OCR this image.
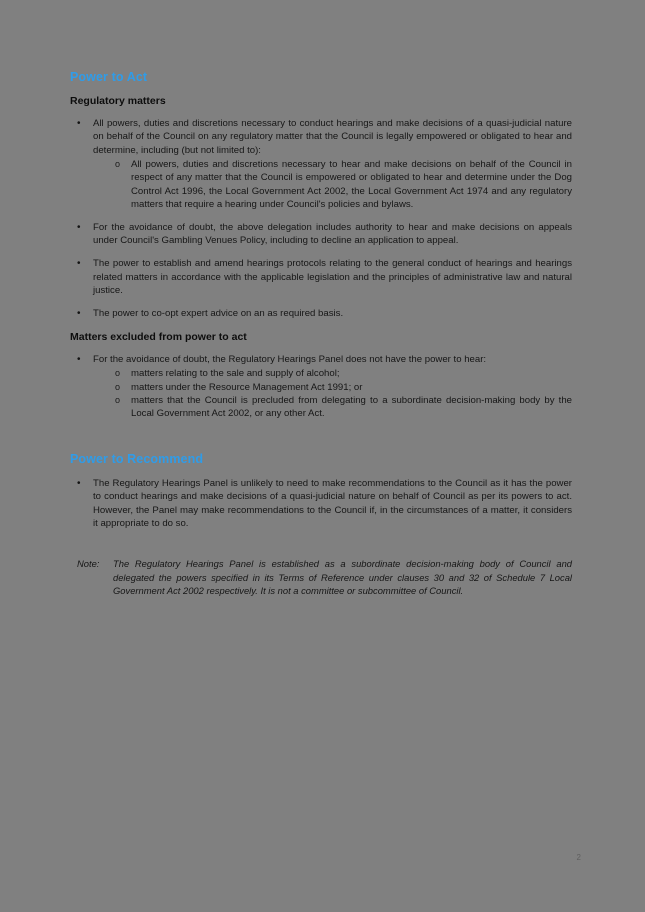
Power to Act
Regulatory matters
• All powers, duties and discretions necessary to conduct hearings and make decisions of a quasi-judicial nature on behalf of the Council on any regulatory matter that the Council is legally empowered or obligated to hear and determine, including (but not limited to):

o All powers, duties and discretions necessary to hear and make decisions on behalf of the Council in respect of any matter that the Council is empowered or obligated to hear and determine under the Dog Control Act 1996, the Local Government Act 2002, the Local Government Act 1974 and any regulatory matters that require a hearing under Council's policies and bylaws.

• For the avoidance of doubt, the above delegation includes authority to hear and make decisions on appeals under Council's Gambling Venues Policy, including to decline an application to appeal.

• The power to establish and amend hearings protocols relating to the general conduct of hearings and hearings related matters in accordance with the applicable legislation and the principles of administrative law and natural justice.

• The power to co-opt expert advice on an as required basis.

Matters excluded from power to act
• For the avoidance of doubt, the Regulatory Hearings Panel does not have the power to hear:

o matters relating to the sale and supply of alcohol;

o matters under the Resource Management Act 1991; or

o matters that the Council is precluded from delegating to a subordinate decision-making body by the Local Government Act 2002, or any other Act.

Power to Recommend
• The Regulatory Hearings Panel is unlikely to need to make recommendations to the Council as it has the power to conduct hearings and make decisions of a quasi-judicial nature on behalf of Council as per its powers to act. However, the Panel may make recommendations to the Council if, in the circumstances of a matter, it considers it appropriate to do so.

Note: The Regulatory Hearings Panel is established as a subordinate decision-making body of Council and delegated the powers specified in its Terms of Reference under clauses 30 and 32 of Schedule 7 Local Government Act 2002 respectively. It is not a committee or subcommittee of Council.
2
